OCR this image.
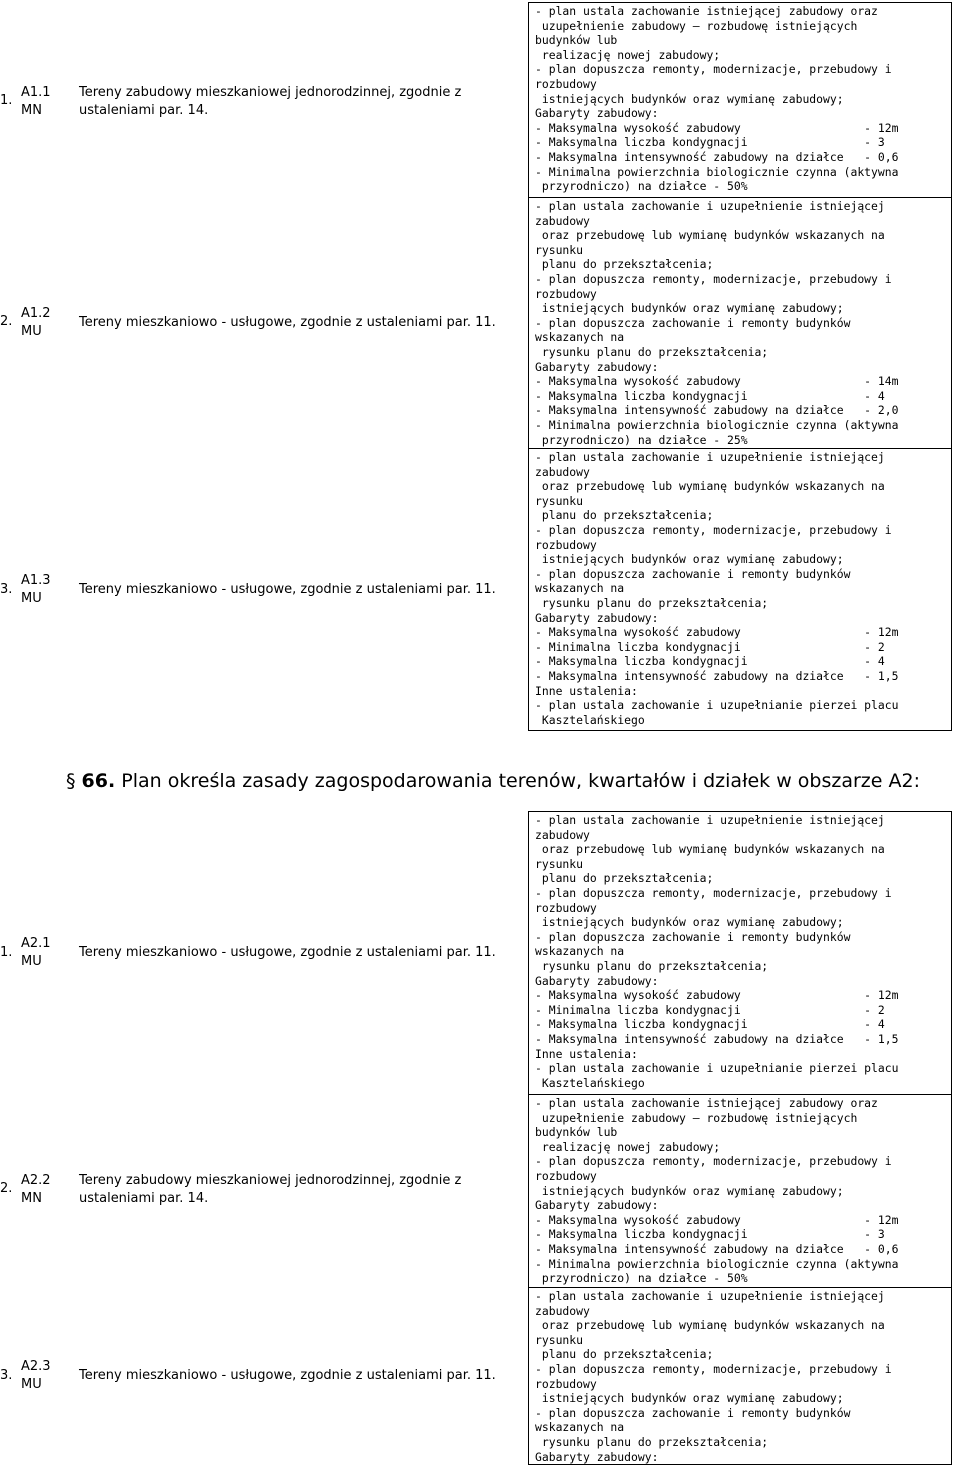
1.
A1.1
MN
Tereny zabudowy mieszkaniowej jednorodzinnej, zgodnie z ustaleniami par. 14.
- plan ustala zachowanie istniejącej zabudowy oraz
uzupełnienie zabudowy – rozbudowę istniejących
budynków lub
realizację nowej zabudowy;
- plan dopuszcza remonty, modernizacje, przebudowy i
rozbudowy
istniejących budynków oraz wymianę zabudowy;
Gabaryty zabudowy:
- Maksymalna wysokość zabudowy                  - 12m
- Maksymalna liczba kondygnacji                 - 3
- Maksymalna intensywność zabudowy na działce   - 0,6
- Minimalna powierzchnia biologicznie czynna (aktywna
przyrodniczo) na działce - 50%
2.
A1.2
MU
Tereny mieszkaniowo - usługowe, zgodnie z ustaleniami par. 11.
- plan ustala zachowanie i uzupełnienie istniejącej
zabudowy
oraz przebudowę lub wymianę budynków wskazanych na
rysunku
planu do przekształcenia;
- plan dopuszcza remonty, modernizacje, przebudowy i
rozbudowy
istniejących budynków oraz wymianę zabudowy;
- plan dopuszcza zachowanie i remonty budynków
wskazanych na
rysunku planu do przekształcenia;
Gabaryty zabudowy:
- Maksymalna wysokość zabudowy                  - 14m
- Maksymalna liczba kondygnacji                 - 4
- Maksymalna intensywność zabudowy na działce   - 2,0
- Minimalna powierzchnia biologicznie czynna (aktywna
przyrodniczo) na działce - 25%
3.
A1.3
MU
Tereny mieszkaniowo - usługowe, zgodnie z ustaleniami par. 11.
- plan ustala zachowanie i uzupełnienie istniejącej
zabudowy
oraz przebudowę lub wymianę budynków wskazanych na
rysunku
planu do przekształcenia;
- plan dopuszcza remonty, modernizacje, przebudowy i
rozbudowy
istniejących budynków oraz wymianę zabudowy;
- plan dopuszcza zachowanie i remonty budynków
wskazanych na
rysunku planu do przekształcenia;
Gabaryty zabudowy:
- Maksymalna wysokość zabudowy                  - 12m
- Minimalna liczba kondygnacji                  - 2
- Maksymalna liczba kondygnacji                 - 4
- Maksymalna intensywność zabudowy na działce   - 1,5
Inne ustalenia:
- plan ustala zachowanie i uzupełnianie pierzei placu
Kasztelańskiego
§ 66. Plan określa zasady zagospodarowania terenów, kwartałów i działek w obszarze A2:
1.
A2.1
MU
Tereny mieszkaniowo - usługowe, zgodnie z ustaleniami par. 11.
- plan ustala zachowanie i uzupełnienie istniejącej
zabudowy
oraz przebudowę lub wymianę budynków wskazanych na
rysunku
planu do przekształcenia;
- plan dopuszcza remonty, modernizacje, przebudowy i
rozbudowy
istniejących budynków oraz wymianę zabudowy;
- plan dopuszcza zachowanie i remonty budynków
wskazanych na
rysunku planu do przekształcenia;
Gabaryty zabudowy:
- Maksymalna wysokość zabudowy                  - 12m
- Minimalna liczba kondygnacji                  - 2
- Maksymalna liczba kondygnacji                 - 4
- Maksymalna intensywność zabudowy na działce   - 1,5
Inne ustalenia:
- plan ustala zachowanie i uzupełnianie pierzei placu
Kasztelańskiego
2.
A2.2
MN
Tereny zabudowy mieszkaniowej jednorodzinnej, zgodnie z ustaleniami par. 14.
- plan ustala zachowanie istniejącej zabudowy oraz
uzupełnienie zabudowy – rozbudowę istniejących
budynków lub
realizację nowej zabudowy;
- plan dopuszcza remonty, modernizacje, przebudowy i
rozbudowy
istniejących budynków oraz wymianę zabudowy;
Gabaryty zabudowy:
- Maksymalna wysokość zabudowy                  - 12m
- Maksymalna liczba kondygnacji                 - 3
- Maksymalna intensywność zabudowy na działce   - 0,6
- Minimalna powierzchnia biologicznie czynna (aktywna
przyrodniczo) na działce - 50%
3.
A2.3
MU
Tereny mieszkaniowo - usługowe, zgodnie z ustaleniami par. 11.
- plan ustala zachowanie i uzupełnienie istniejącej
zabudowy
oraz przebudowę lub wymianę budynków wskazanych na
rysunku
planu do przekształcenia;
- plan dopuszcza remonty, modernizacje, przebudowy i
rozbudowy
istniejących budynków oraz wymianę zabudowy;
- plan dopuszcza zachowanie i remonty budynków
wskazanych na
rysunku planu do przekształcenia;
Gabaryty zabudowy:
